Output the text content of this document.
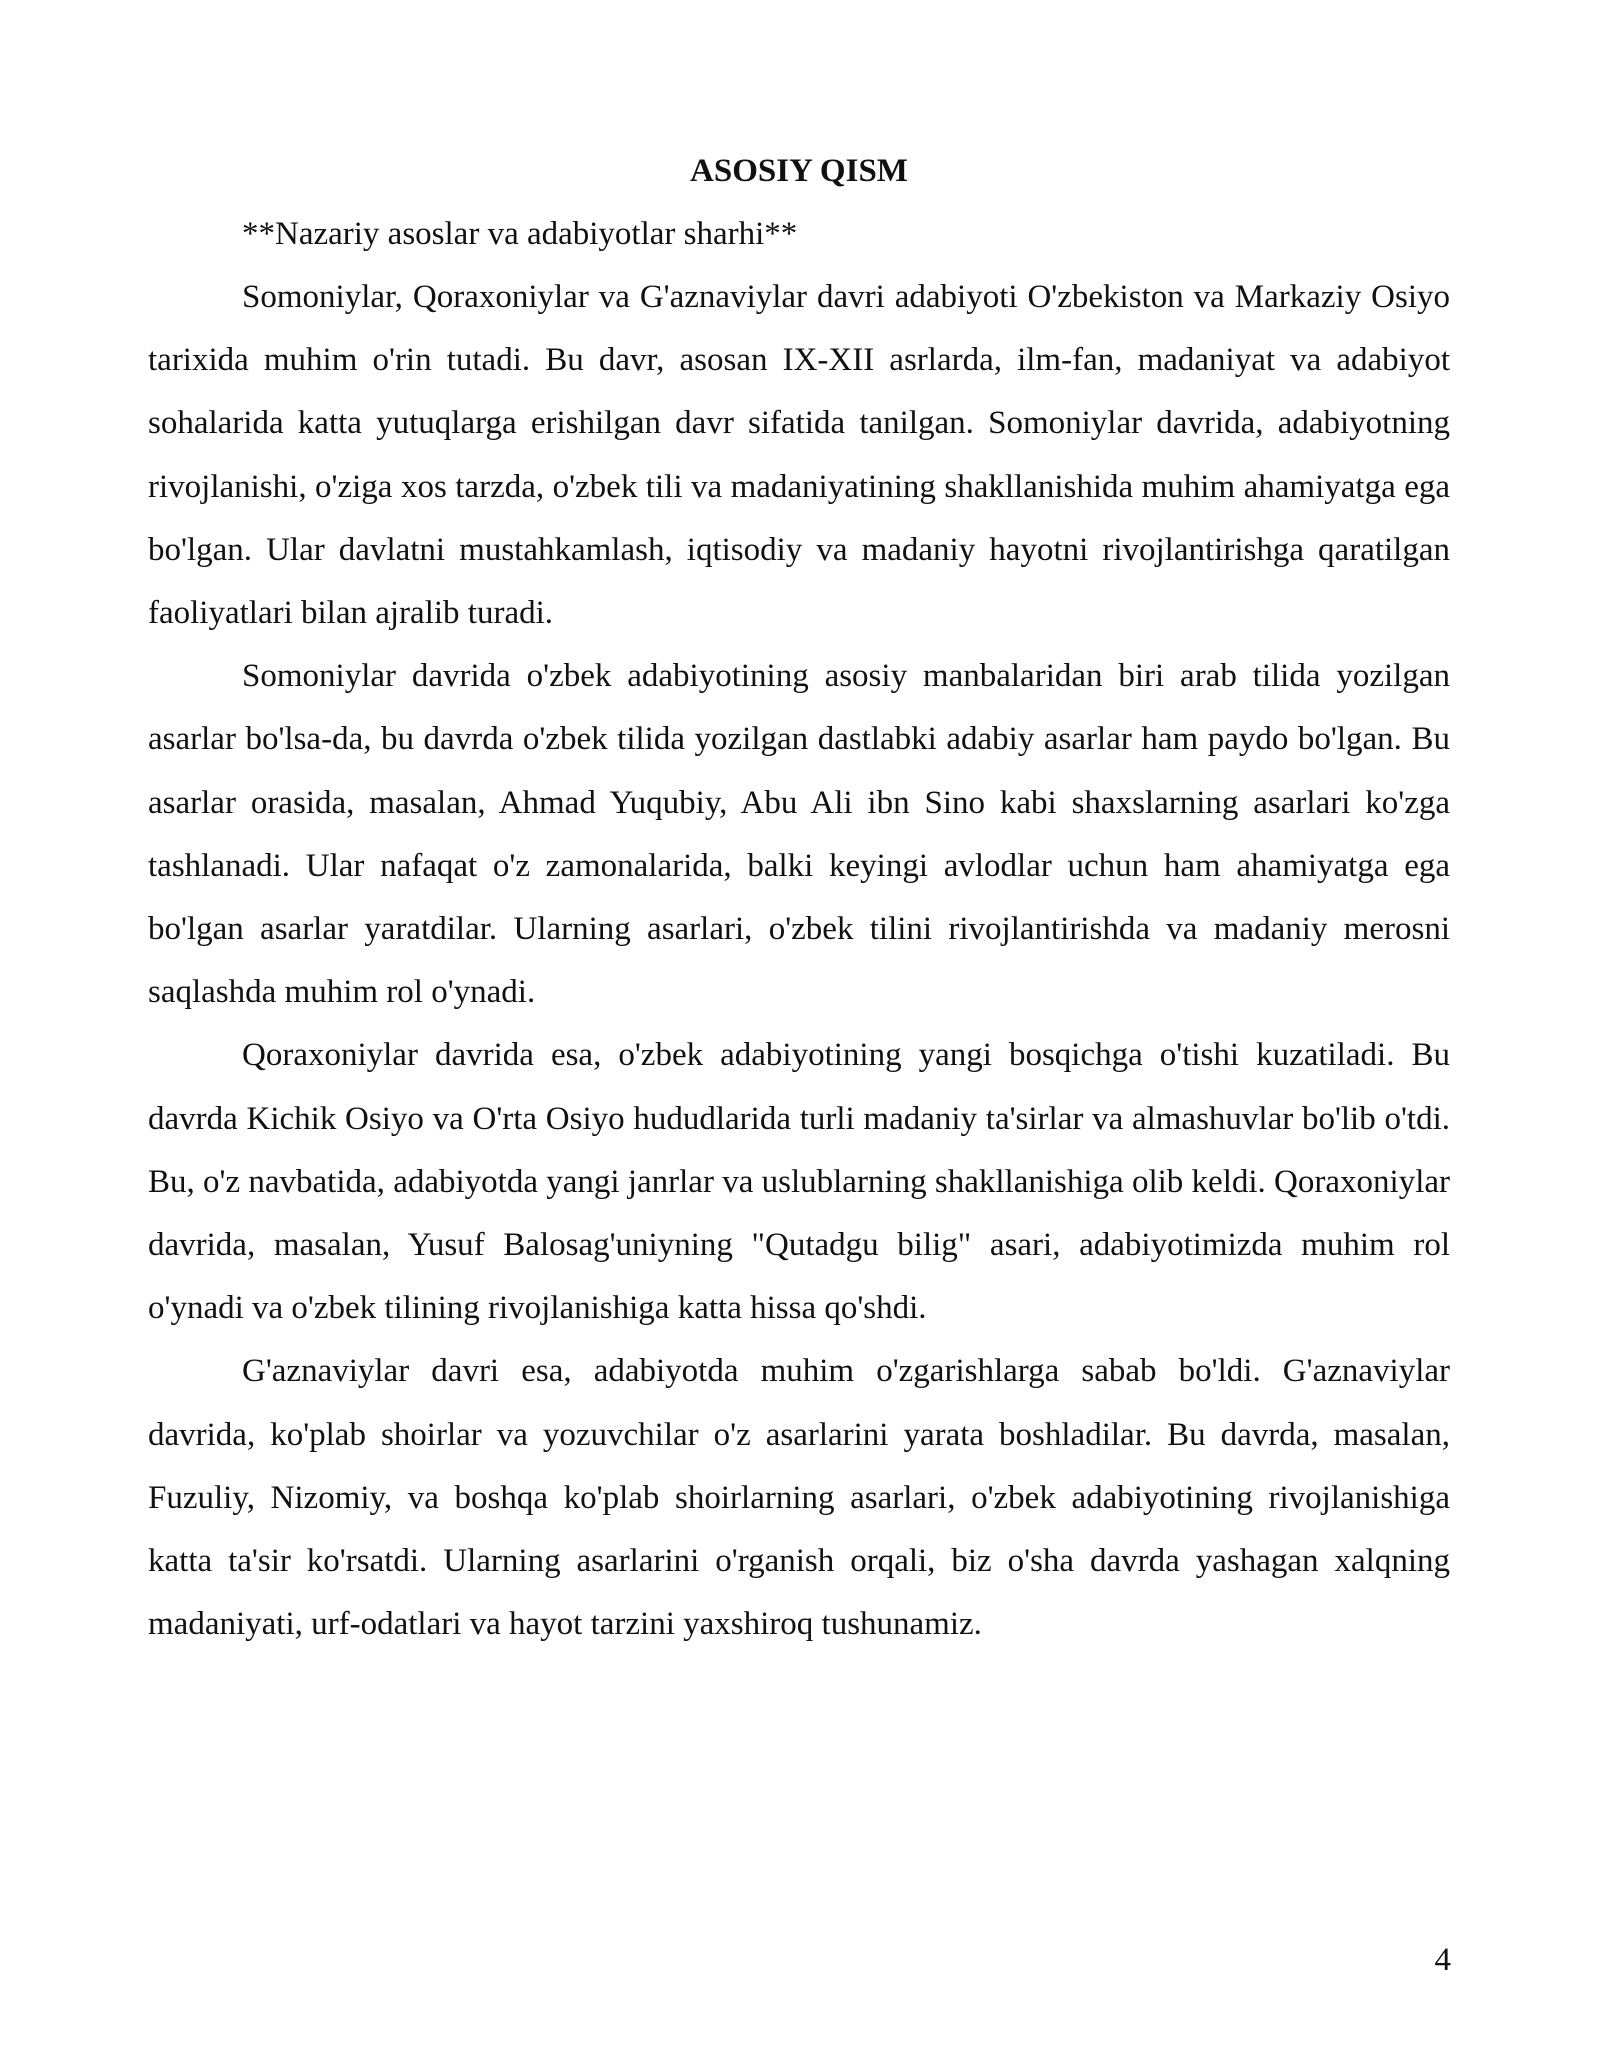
ASOSIY QISM

**Nazariy asoslar va adabiyotlar sharhi**

Somoniylar, Qoraxoniylar va G'aznaviylar davri adabiyoti O'zbekiston va Markaziy Osiyo tarixida muhim o'rin tutadi. Bu davr, asosan IX-XII asrlarda, ilm-fan, madaniyat va adabiyot sohalarida katta yutuqlarga erishilgan davr sifatida tanilgan. Somoniylar davrida, adabiyotning rivojlanishi, o'ziga xos tarzda, o'zbek tili va madaniyatining shakllanishida muhim ahamiyatga ega bo'lgan. Ular davlatni mustahkamlash, iqtisodiy va madaniy hayotni rivojlantirishga qaratilgan faoliyatlari bilan ajralib turadi.

Somoniylar davrida o'zbek adabiyotining asosiy manbalaridan biri arab tilida yozilgan asarlar bo'lsa-da, bu davrda o'zbek tilida yozilgan dastlabki adabiy asarlar ham paydo bo'lgan. Bu asarlar orasida, masalan, Ahmad Yuqubiy, Abu Ali ibn Sino kabi shaxslarning asarlari ko'zga tashlanadi. Ular nafaqat o'z zamonalarida, balki keyingi avlodlar uchun ham ahamiyatga ega bo'lgan asarlar yaratdilar. Ularning asarlari, o'zbek tilini rivojlantirishda va madaniy merosni saqlashda muhim rol o'ynadi.

Qoraxoniylar davrida esa, o'zbek adabiyotining yangi bosqichga o'tishi kuzatiladi. Bu davrda Kichik Osiyo va O'rta Osiyo hududlarida turli madaniy ta'sirlar va almashuvlar bo'lib o'tdi. Bu, o'z navbatida, adabiyotda yangi janrlar va uslublarning shakllanishiga olib keldi. Qoraxoniylar davrida, masalan, Yusuf Balosag'uniyning "Qutadgu bilig" asari, adabiyotimizda muhim rol o'ynadi va o'zbek tilining rivojlanishiga katta hissa qo'shdi.

G'aznaviylar davri esa, adabiyotda muhim o'zgarishlarga sabab bo'ldi. G'aznaviylar davrida, ko'plab shoirlar va yozuvchilar o'z asarlarini yarata boshladilar. Bu davrda, masalan, Fuzuliy, Nizomiy, va boshqa ko'plab shoirlarning asarlari, o'zbek adabiyotining rivojlanishiga katta ta'sir ko'rsatdi. Ularning asarlarini o'rganish orqali, biz o'sha davrda yashagan xalqning madaniyati, urf-odatlari va hayot tarzini yaxshiroq tushunamiz.

4
